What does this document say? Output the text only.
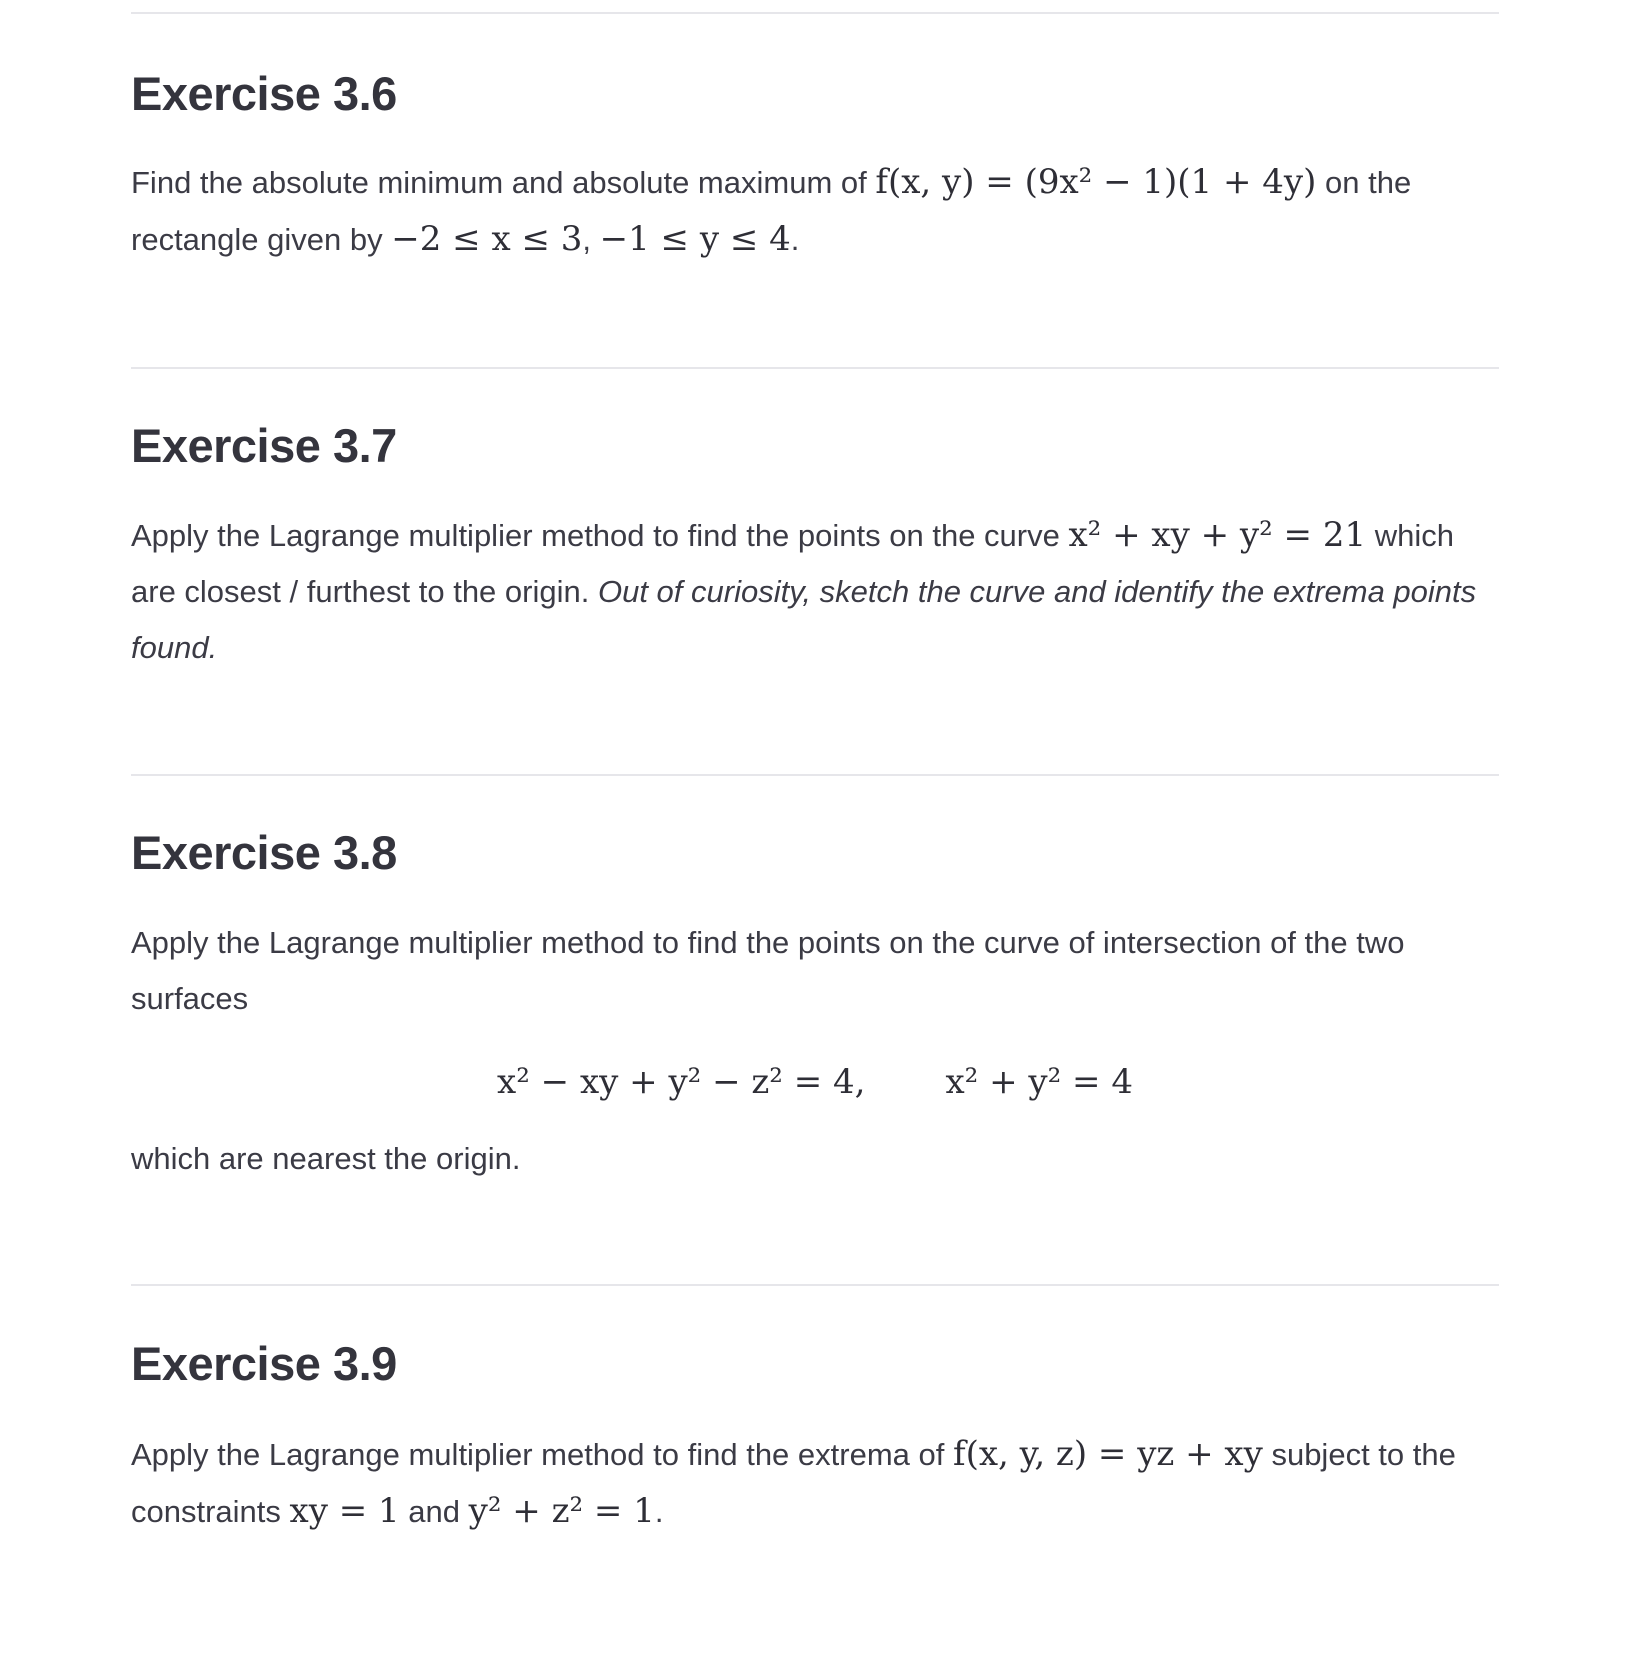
Exercise 3.6

Find the absolute minimum and absolute maximum of f(x, y) = (9x² − 1)(1 + 4y) on the rectangle given by −2 ≤ x ≤ 3, −1 ≤ y ≤ 4.

Exercise 3.7

Apply the Lagrange multiplier method to find the points on the curve x² + xy + y² = 21 which are closest / furthest to the origin. Out of curiosity, sketch the curve and identify the extrema points found.

Exercise 3.8

Apply the Lagrange multiplier method to find the points on the curve of intersection of the two surfaces

x² − xy + y² − z² = 4, x² + y² = 4

which are nearest the origin.

Exercise 3.9

Apply the Lagrange multiplier method to find the extrema of f(x, y, z) = yz + xy subject to the constraints xy = 1 and y² + z² = 1.
